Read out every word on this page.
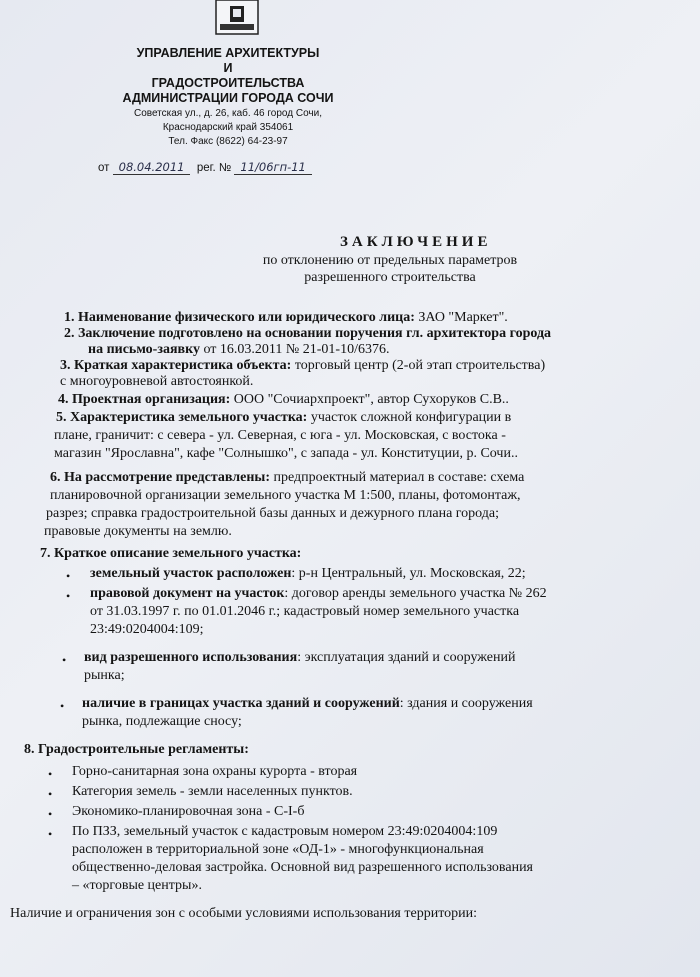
УПРАВЛЕНИЕ АРХИТЕКТУРЫ
И
ГРАДОСТРОИТЕЛЬСТВА
АДМИНИСТРАЦИИ ГОРОДА СОЧИ
Советская ул., д. 26, каб. 46 город Сочи,
Краснодарский край 354061
Тел. Факс (8622) 64-23-97
от 08.04.2011 рег. № 11/06гп-11
ЗАКЛЮЧЕНИЕ
по отклонению от предельных параметров
разрешенного строительства
1. Наименование физического или юридического лица: ЗАО "Маркет".
2. Заключение подготовлено на основании поручения гл. архитектора города
на письмо-заявку от 16.03.2011 № 21-01-10/6376.
3. Краткая характеристика объекта: торговый центр (2-ой этап строительства)
с многоуровневой автостоянкой.
4. Проектная организация: ООО "Сочиархпроект", автор Сухоруков С.В..
5. Характеристика земельного участка: участок сложной конфигурации в
плане, граничит: с севера - ул. Северная, с юга - ул. Московская, с востока -
магазин "Ярославна", кафе "Солнышко", с запада - ул. Конституции, р. Сочи..
6. На рассмотрение представлены: предпроектный материал в составе: схема
планировочной организации земельного участка М 1:500, планы, фотомонтаж,
разрез; справка градостроительной базы данных и дежурного плана города;
правовые документы на землю.
7. Краткое описание земельного участка:
• земельный участок расположен: р-н Центральный, ул. Московская, 22;
• правовой документ на участок: договор аренды земельного участка № 262
от 31.03.1997 г. по 01.01.2046 г.; кадастровый номер земельного участка
23:49:0204004:109;
• вид разрешенного использования: эксплуатация зданий и сооружений
рынка;
• наличие в границах участка зданий и сооружений: здания и сооружения
рынка, подлежащие сносу;
8. Градостроительные регламенты:
• Горно-санитарная зона охраны курорта - вторая
• Категория земель - земли населенных пунктов.
• Экономико-планировочная зона - С-I-б
• По ПЗЗ, земельный участок с кадастровым номером 23:49:0204004:109
расположен в территориальной зоне «ОД-1» - многофункциональная
общественно-деловая застройка. Основной вид разрешенного использования
– «торговые центры».
Наличие и ограничения зон с особыми условиями использования территории:
